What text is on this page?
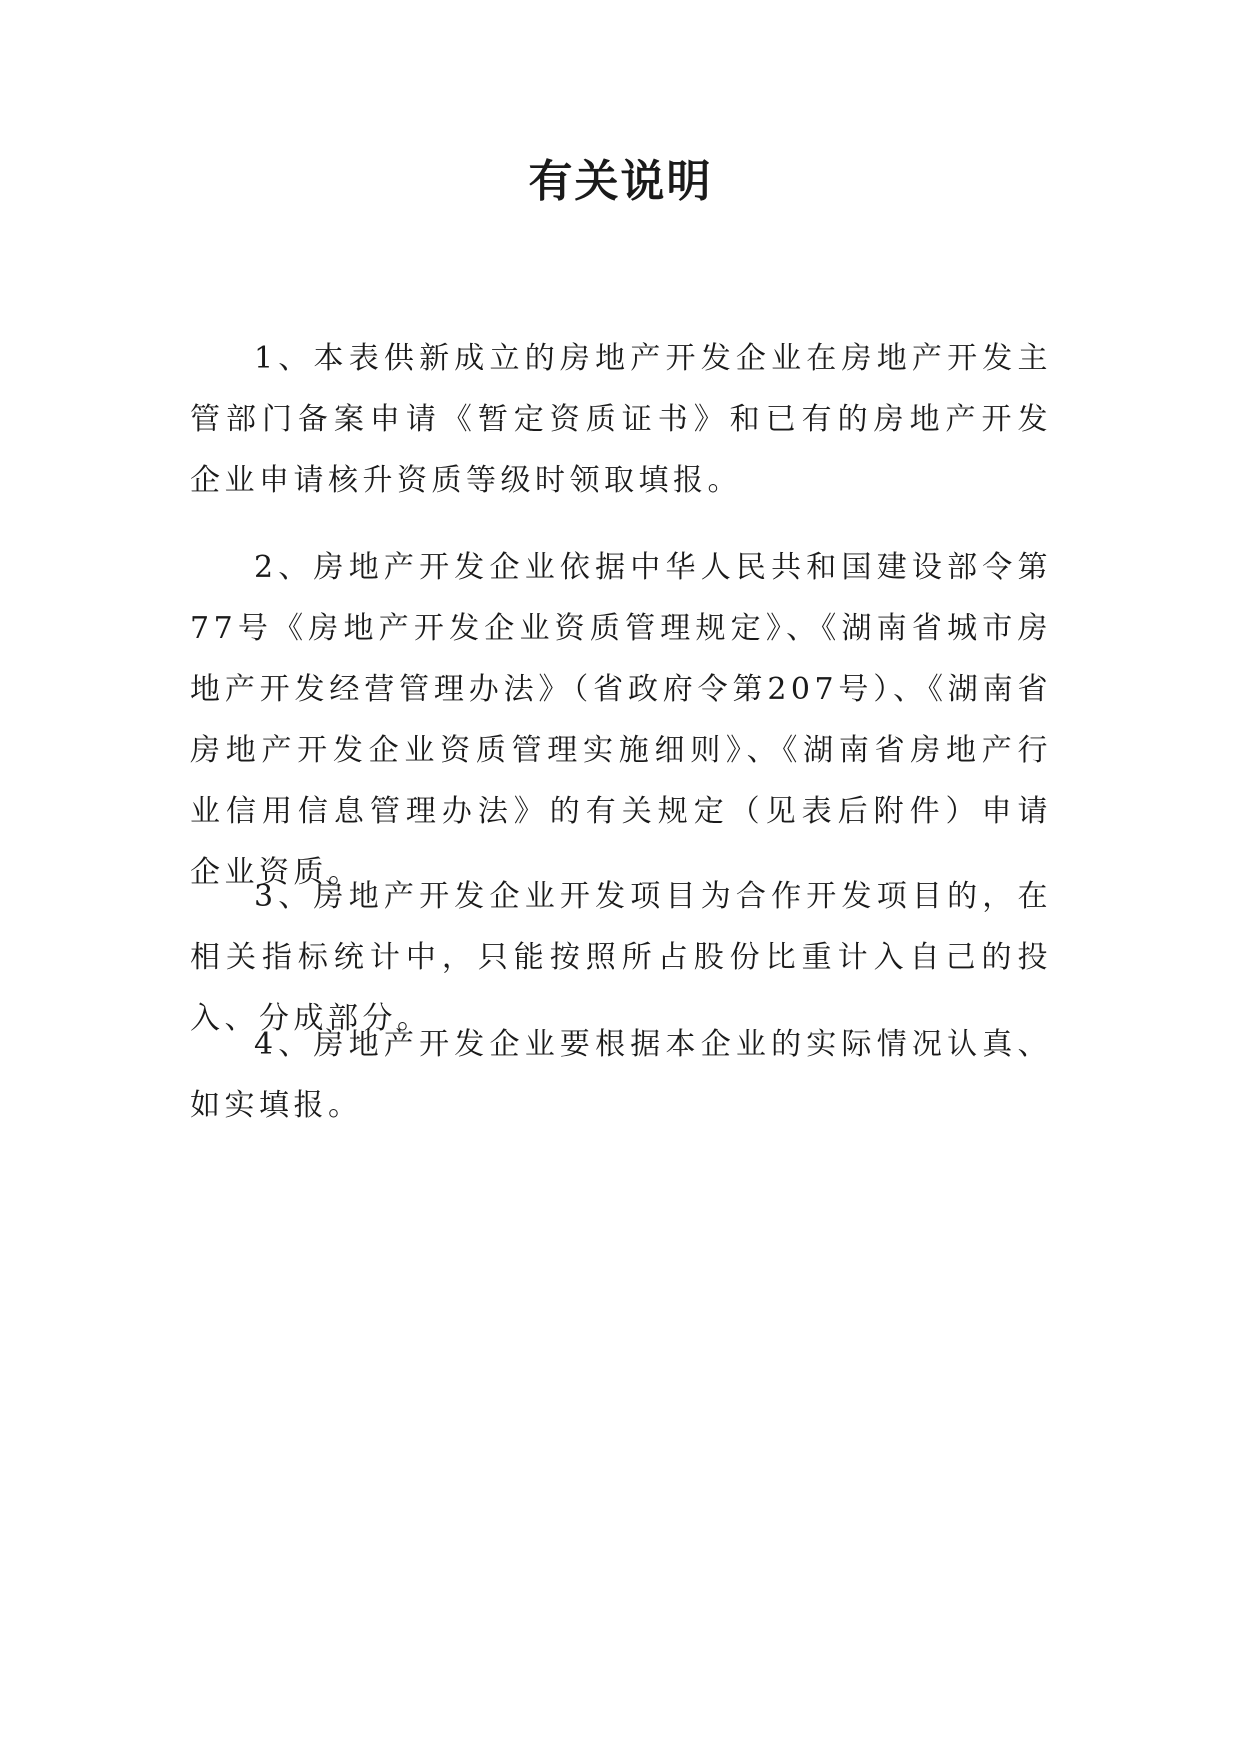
有关说明

1、本表供新成立的房地产开发企业在房地产开发主管部门备案申请《暂定资质证书》和已有的房地产开发企业申请核升资质等级时领取填报。

2、房地产开发企业依据中华人民共和国建设部令第77号《房地产开发企业资质管理规定》、《湖南省城市房地产开发经营管理办法》（省政府令第207号）、《湖南省房地产开发企业资质管理实施细则》、《湖南省房地产行业信用信息管理办法》的有关规定（见表后附件）申请企业资质。

3、房地产开发企业开发项目为合作开发项目的，在相关指标统计中，只能按照所占股份比重计入自己的投入、分成部分。

4、房地产开发企业要根据本企业的实际情况认真、如实填报。
